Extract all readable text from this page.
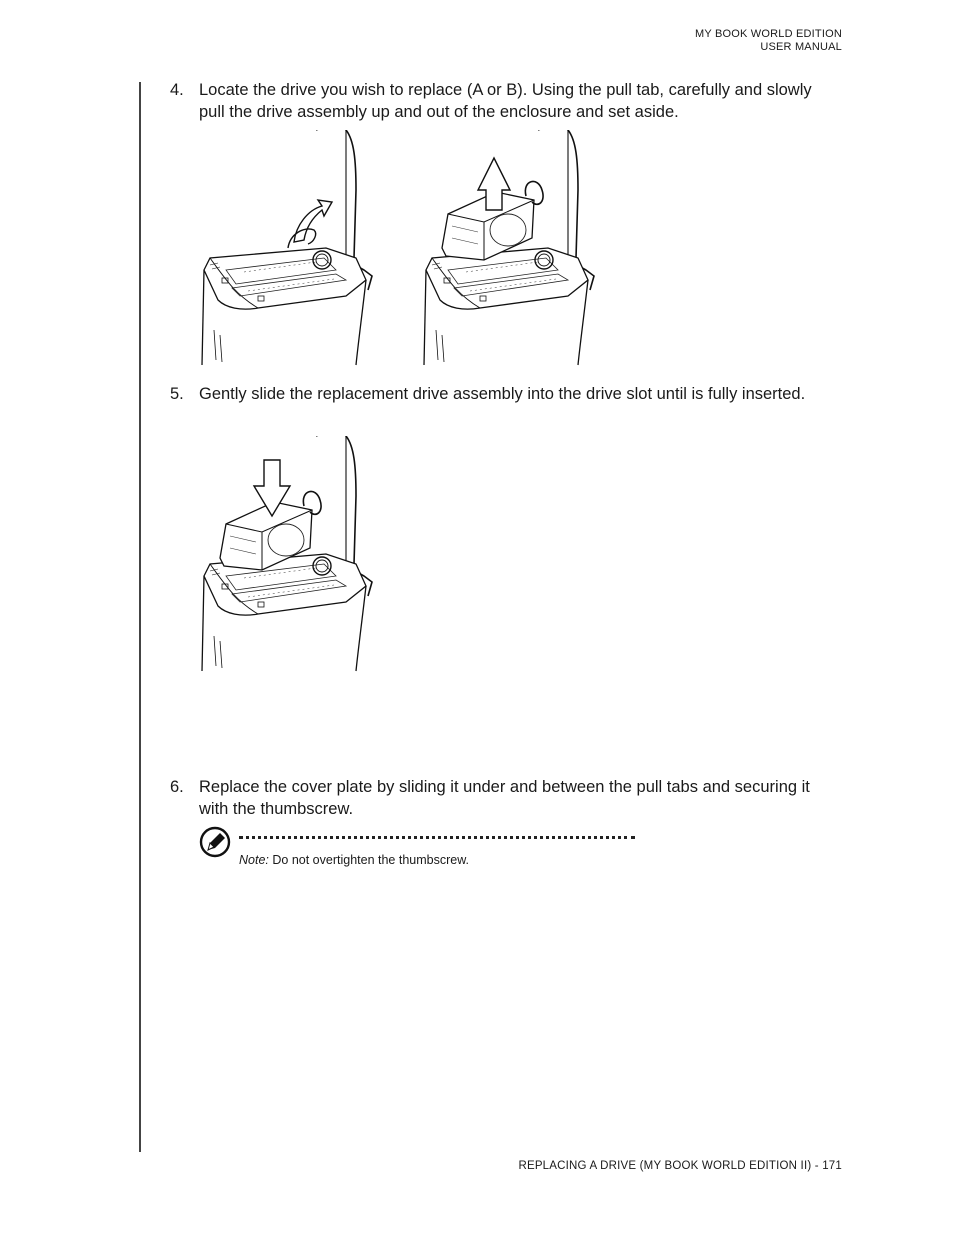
MY BOOK WORLD EDITION
USER MANUAL
4. Locate the drive you wish to replace (A or B). Using the pull tab, carefully and slowly pull the drive assembly up and out of the enclosure and set aside.
5. Gently slide the replacement drive assembly into the drive slot until is fully inserted.
6. Replace the cover plate by sliding it under and between the pull tabs and securing it with the thumbscrew.
Note: Do not overtighten the thumbscrew.
REPLACING A DRIVE (MY BOOK WORLD EDITION II) - 171
